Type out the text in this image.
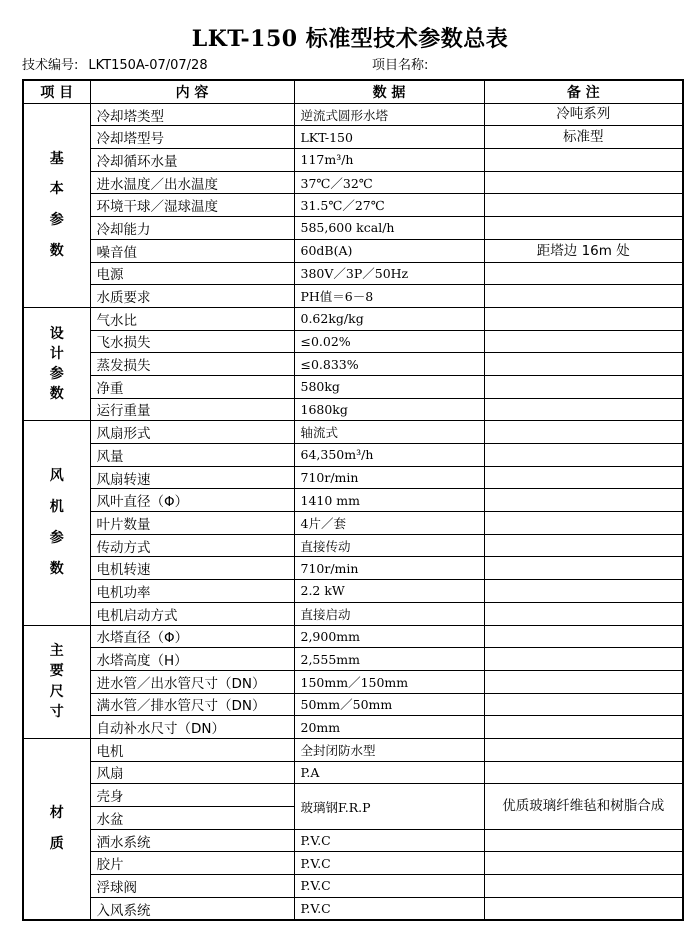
LKT-150 标准型技术参数总表
技术编号: LKT150A-07/07/28	项目名称:
项 目	内 容	数 据	备 注

基
本
参
数	冷却塔类型	逆流式圆形水塔	冷吨系列
	冷却塔型号	LKT-150	标准型
	冷却循环水量	117m³/h	
	进水温度／出水温度	37℃／32℃	
	环境干球／湿球温度	31.5℃／27℃	
	冷却能力	585,600 kcal/h	
	噪音值	60dB(A)	距塔边 16m 处
	电源	380V／3P／50Hz	
	水质要求	PH值＝6－8	

设
计
参
数	气水比	0.62kg/kg	
	飞水损失	≤0.02%	
	蒸发损失	≤0.833%	
	净重	580kg	
	运行重量	1680kg	

风
机
参
数	风扇形式	轴流式	
	风量	64,350m³/h	
	风扇转速	710r/min	
	风叶直径（Φ）	1410 mm	
	叶片数量	4片／套	
	传动方式	直接传动	
	电机转速	710r/min	
	电机功率	2.2 kW	
	电机启动方式	直接启动	

主
要
尺
寸	水塔直径（Φ）	2,900mm	
	水塔高度（H）	2,555mm	
	进水管／出水管尺寸（DN）	150mm／150mm	
	满水管／排水管尺寸（DN）	50mm／50mm	
	自动补水尺寸（DN）	20mm	

材
质	电机	全封闭防水型	
	风扇	P.A	
	壳身	玻璃钢F.R.P	优质玻璃纤维毡和树脂合成
	水盆		
	洒水系统	P.V.C	
	胶片	P.V.C	
	浮球阀	P.V.C	
	入风系统	P.V.C	
